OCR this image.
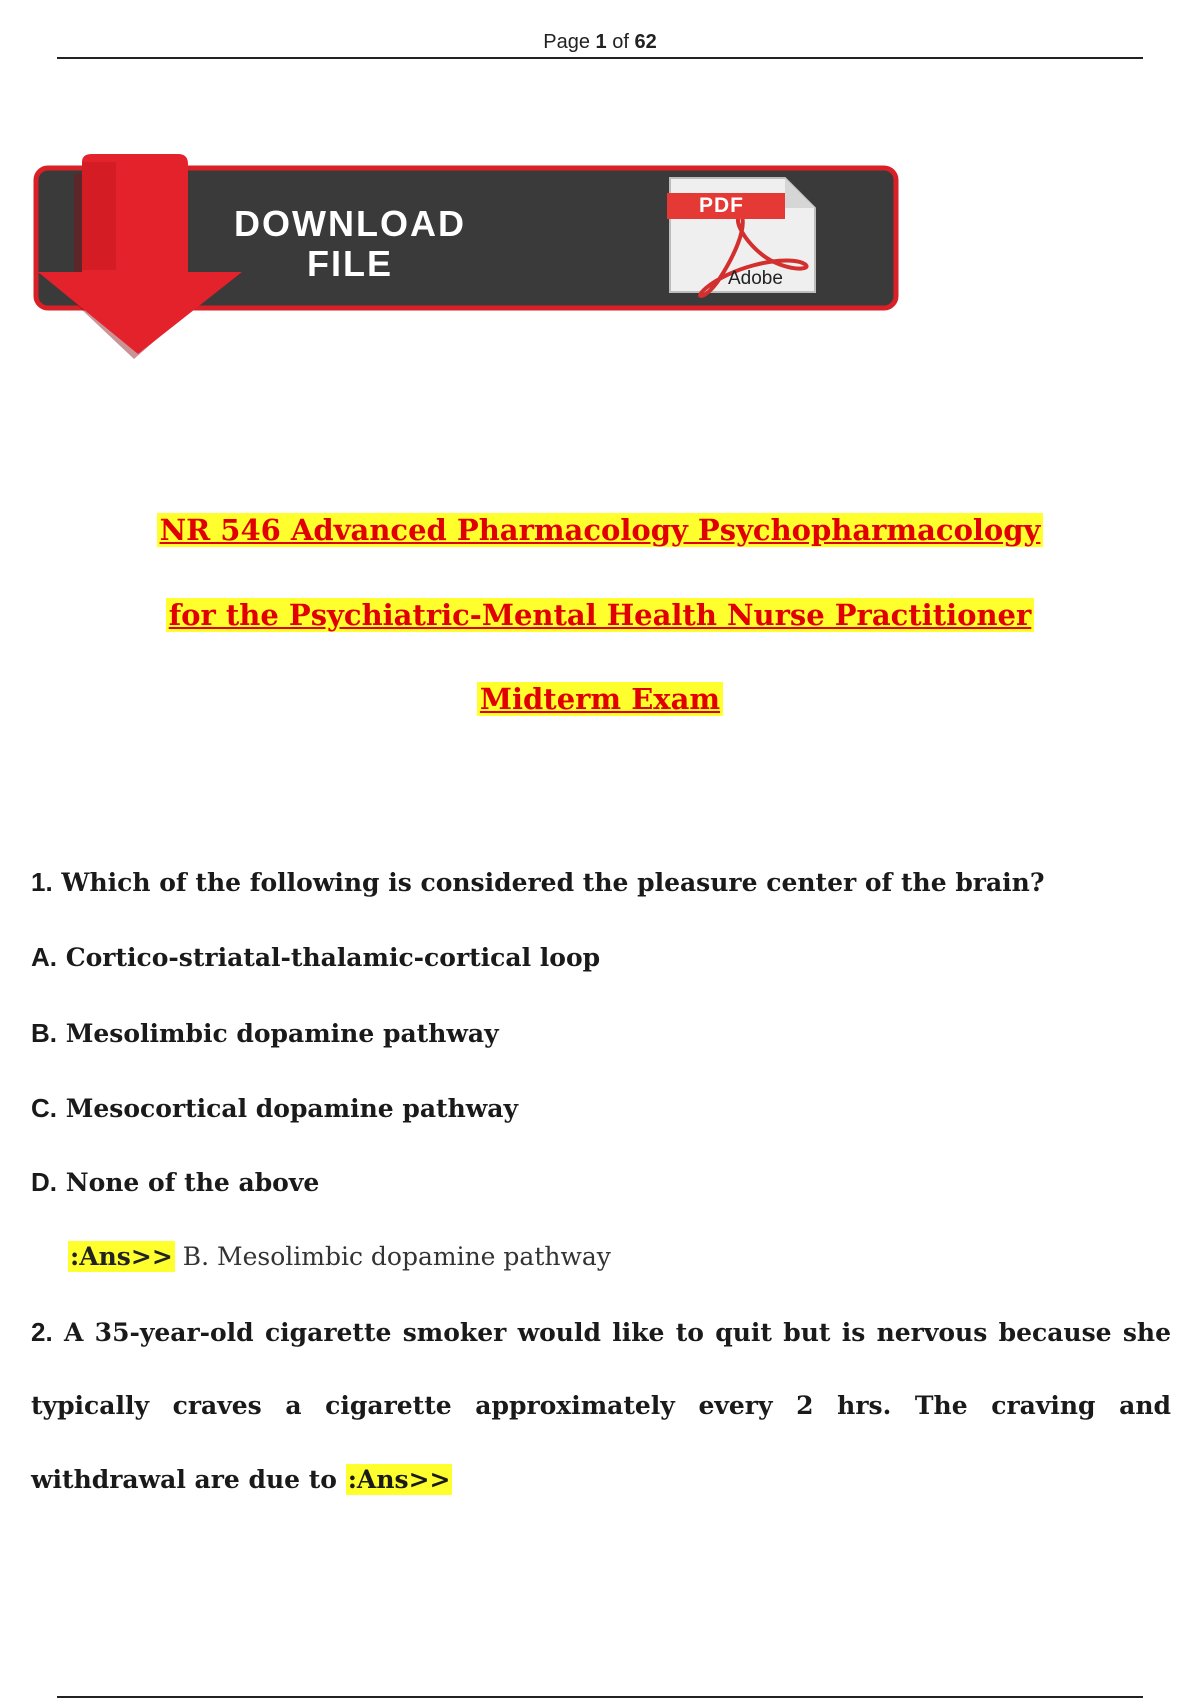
Page 1 of 62
DOWNLOAD
FILE
PDF
Adobe
NR 546 Advanced Pharmacology Psychopharmacology
for the Psychiatric-Mental Health Nurse Practitioner
Midterm Exam
1. Which of the following is considered the pleasure center of the brain?
A. Cortico-striatal-thalamic-cortical loop
B. Mesolimbic dopamine pathway
C. Mesocortical dopamine pathway
D. None of the above
:Ans>> B. Mesolimbic dopamine pathway
2. A 35-year-old cigarette smoker would like to quit but is nervous because she
typically craves a cigarette approximately every 2 hrs. The craving and
withdrawal are due to :Ans>>
